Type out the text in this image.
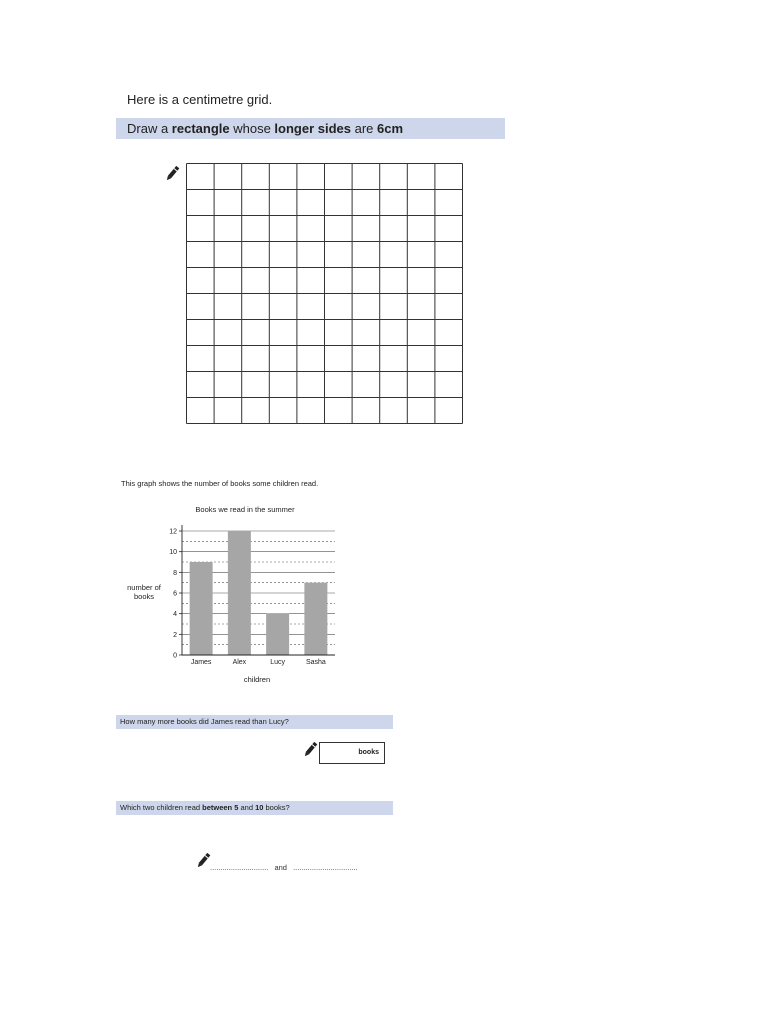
Here is a centimetre grid.
Draw a rectangle whose longer sides are 6cm
This graph shows the number of books some children read.
Books we read in the summer
number of
books
children
James	Alex	Lucy	Sasha
0
2
4
6
8
10
12
How many more books did James read than Lucy?
books
Which two children read between 5 and 10 books?
............................ and ...............................
